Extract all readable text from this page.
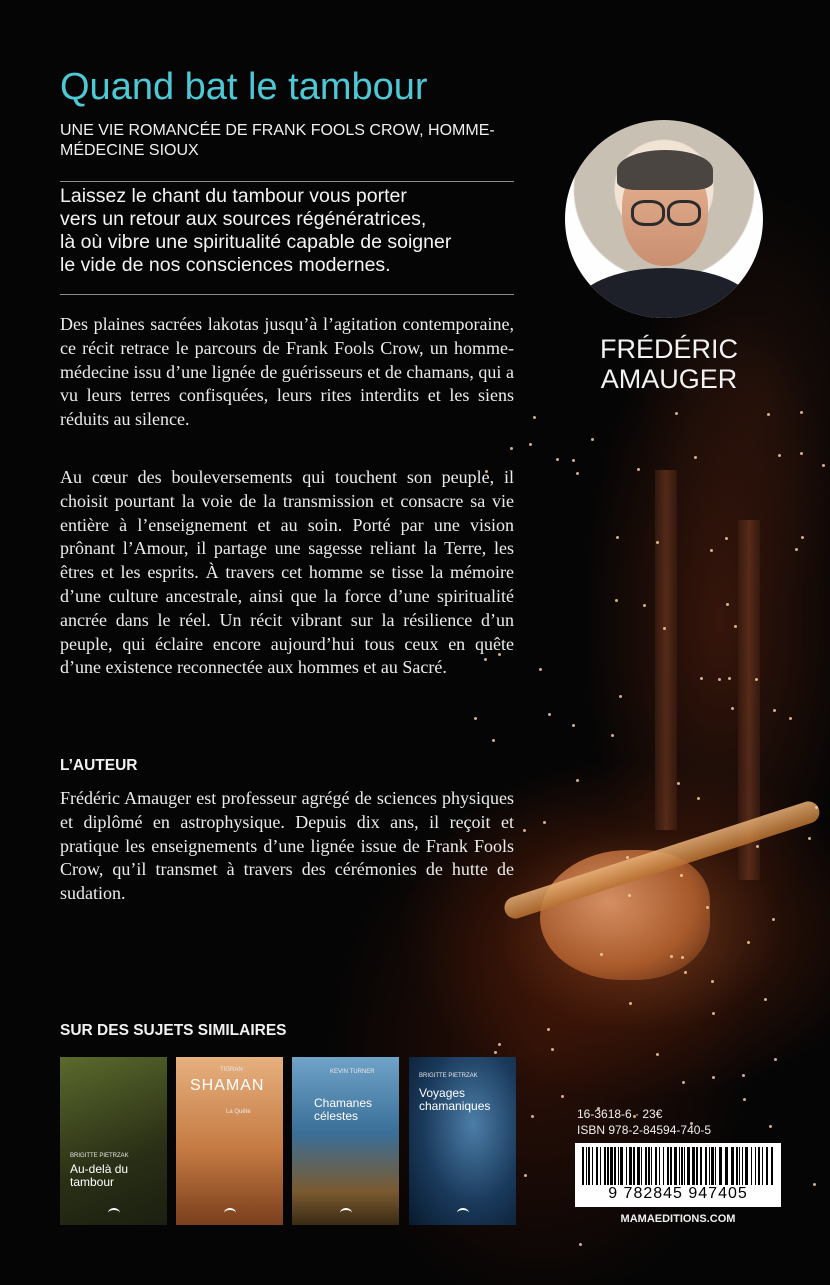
Quand bat le tambour

UNE VIE ROMANCÉE DE FRANK FOOLS CROW, HOMME-MÉDECINE SIOUX

Laissez le chant du tambour vous porter
vers un retour aux sources régénératrices,
là où vibre une spiritualité capable de soigner
le vide de nos consciences modernes.

Des plaines sacrées lakotas jusqu’à l’agitation contemporaine, ce récit retrace le parcours de Frank Fools Crow, un homme-médecine issu d’une lignée de guérisseurs et de chamans, qui a vu leurs terres confisquées, leurs rites interdits et les siens réduits au silence.

Au cœur des bouleversements qui touchent son peuple, il choisit pourtant la voie de la transmission et consacre sa vie entière à l’enseignement et au soin. Porté par une vision prônant l’Amour, il partage une sagesse reliant la Terre, les êtres et les esprits. À travers cet homme se tisse la mémoire d’une culture ancestrale, ainsi que la force d’une spiritualité ancrée dans le réel. Un récit vibrant sur la résilience d’un peuple, qui éclaire encore aujourd’hui tous ceux en quête d’une existence reconnectée aux hommes et au Sacré.

L’AUTEUR

Frédéric Amauger est professeur agrégé de sciences physiques et diplômé en astrophysique. Depuis dix ans, il reçoit et pratique les enseignements d’une lignée issue de Frank Fools Crow, qu’il transmet à travers des cérémonies de hutte de sudation.

FRÉDÉRIC
AMAUGER

SUR DES SUJETS SIMILAIRES
BRIGITTE PIETRZAK
Au-delà du tambour
TIGRAN
SHAMAN
La Quête
KEVIN TURNER
Chamanes célestes
BRIGITTE PIETRZAK
Voyages chamaniques

16-3618-6 · 23€
ISBN 978-2-84594-740-5

9 782845 947405

MAMAEDITIONS.COM
